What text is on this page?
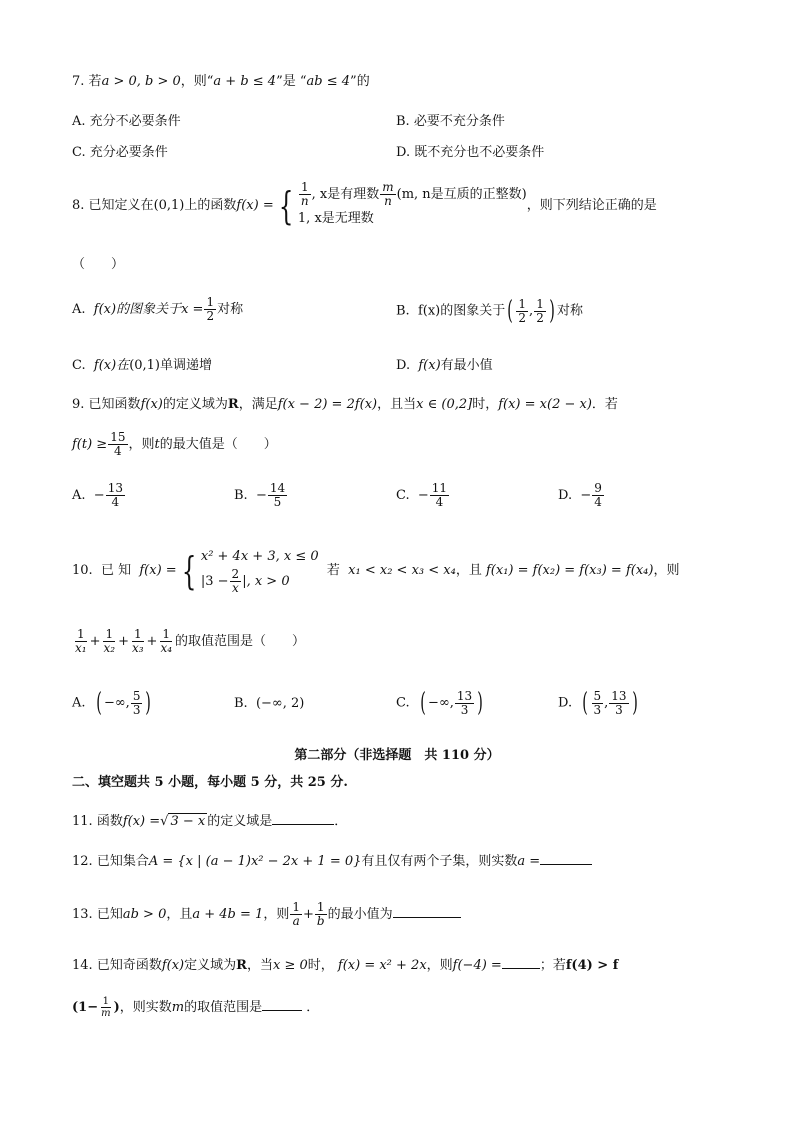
7. 若a > 0, b > 0，则“a + b ≤ 4”是 “ab ≤ 4”的
A. 充分不必要条件	B. 必要不充分条件
C. 充分必要条件	D. 既不充分也不必要条件
8. 已知定义在(0,1)上的函数f(x) = { $\frac{1}{n}$ , x是有理数 $\frac{m}{n} (m$, n是互质的正整数)
1, x是无理数
，则下列结论正确的是
（　　）
A. f(x)的图象关于$x = \frac{1}{2}$ 对称	B. f(x)的图象关于( $\frac{1}{2}$ , $\frac{1}{2}$ ) 对称
C. f(x)在(0,1)单调递增	D. f(x)有最小值
9. 已知函数f(x)的定义域为R，满足f(x − 2) = 2f(x)，且当x ∈ (0,2]时，f(x) = x(2 − x)．若
$f(t) \ge \frac{15}{4}$ ，则t的最大值是（　　）
A. − $\frac{13}{4}$	B. − $\frac{14}{5}$	C. − $\frac{11}{4}$	D. − $\frac{9}{4}$
10. 已 知 f(x) = { x² + 4x + 3, x ≤ 0
$|3 - \frac{2}{x}$ |, x > 0
若 x₁ < x₂ < x₃ < x₄，且 f(x₁) = f(x₂) = f(x₃) = f(x₄)，则
$\frac{1}{\text{x₁}} + \frac{1}{\text{x₂}} + \frac{1}{\text{x₃}} + \frac{1}{\text{x₄}}$ 的取值范围是（　　）
A. ( −∞, $\frac{5}{3}$ )	B. (−∞, 2)	C. ( −∞, $\frac{13}{3}$ )	D. ( $\frac{5}{3}$ , $\frac{13}{3}$ )
第二部分（非选择题　共 110 分）
二、填空题共 5 小题，每小题 5 分，共 25 分.
11. 函数f(x) =√ 3 − x 的定义域是	．
12. 已知集合A = {x | (a − 1)x² − 2x + 1 = 0}有且仅有两个子集，则实数a =
13. 已知ab > 0，且a + 4b = 1，则 $\frac{1}{a} + \frac{1}{b}$ 的最小值为
14. 已知奇函数f(x)定义域为R，当x ≥ 0时， f(x) = x² + 2x，则f(−4) =	；若f(4) > f
($1- \frac{1}{m}$ )，则实数m的取值范围是	．
